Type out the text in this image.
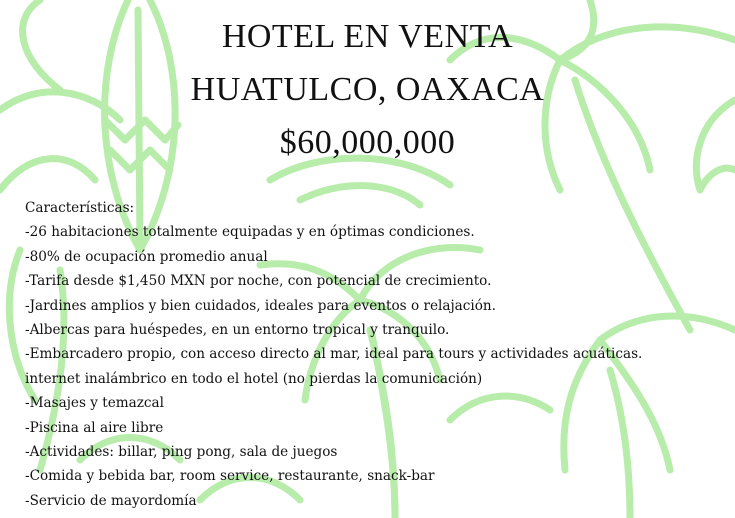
HOTEL EN VENTA
HUATULCO, OAXACA
$60,000,000
Características:
-26 habitaciones totalmente equipadas y en óptimas condiciones.
-80% de ocupación promedio anual
-Tarifa desde $1,450 MXN por noche, con potencial de crecimiento.
-Jardines amplios y bien cuidados, ideales para eventos o relajación.
-Albercas para huéspedes, en un entorno tropical y tranquilo.
-Embarcadero propio, con acceso directo al mar, ideal para tours y actividades acuáticas.
internet inalámbrico en todo el hotel (no pierdas la comunicación)
-Masajes y temazcal
-Piscina al aire libre
-Actividades: billar, ping pong, sala de juegos
-Comida y bebida bar, room service, restaurante, snack-bar
-Servicio de mayordomía
